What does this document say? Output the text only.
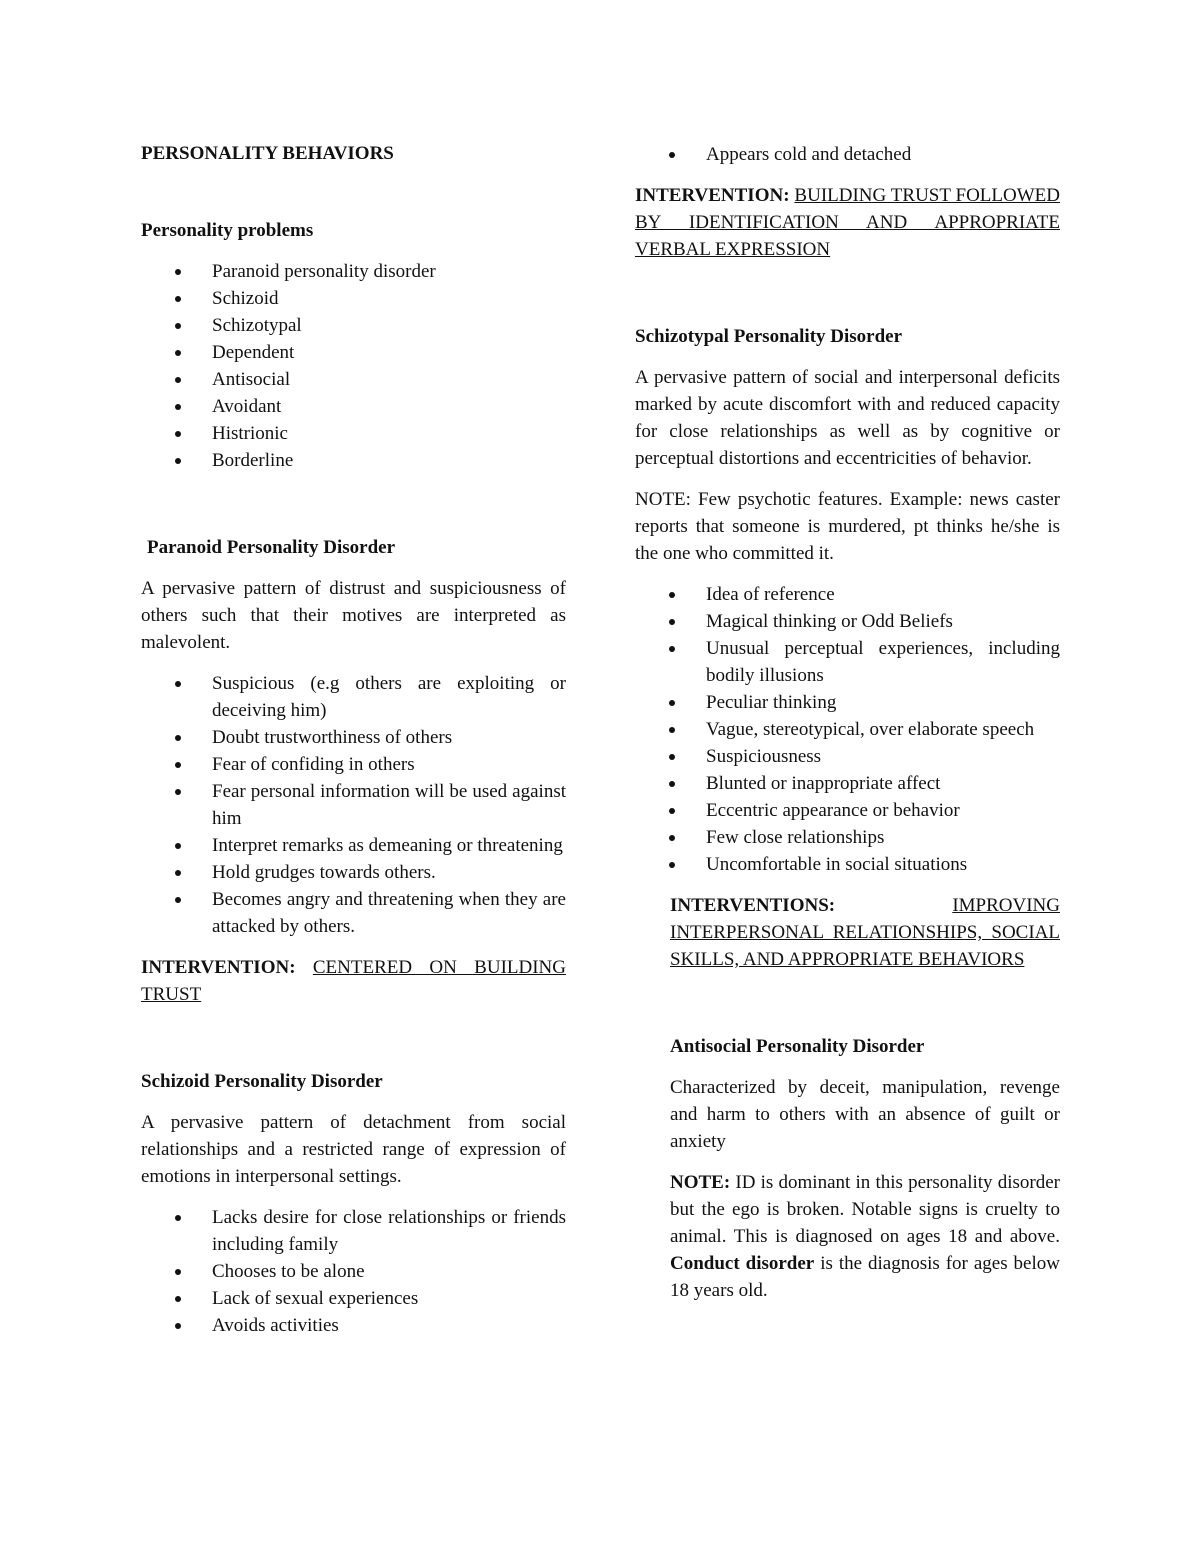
PERSONALITY BEHAVIORS
Personality problems
Paranoid personality disorder
Schizoid
Schizotypal
Dependent
Antisocial
Avoidant
Histrionic
Borderline
Paranoid Personality Disorder

A pervasive pattern of distrust and suspiciousness of others such that their motives are interpreted as malevolent.

Suspicious (e.g others are exploiting or deceiving him)
Doubt trustworthiness of others
Fear of confiding in others
Fear personal information will be used against him
Interpret remarks as demeaning or threatening
Hold grudges towards others.
Becomes angry and threatening when they are attacked by others.

INTERVENTION: CENTERED ON BUILDING TRUST

Schizoid Personality Disorder

A pervasive pattern of detachment from social relationships and a restricted range of expression of emotions in interpersonal settings.

Lacks desire for close relationships or friends including family
Chooses to be alone
Lack of sexual experiences
Avoids activities
Appears cold and detached

INTERVENTION: BUILDING TRUST FOLLOWED BY IDENTIFICATION AND APPROPRIATE VERBAL EXPRESSION

Schizotypal Personality Disorder

A pervasive pattern of social and interpersonal deficits marked by acute discomfort with and reduced capacity for close relationships as well as by cognitive or perceptual distortions and eccentricities of behavior.

NOTE: Few psychotic features. Example: news caster reports that someone is murdered, pt thinks he/she is the one who committed it.

Idea of reference
Magical thinking or Odd Beliefs
Unusual perceptual experiences, including bodily illusions
Peculiar thinking
Vague, stereotypical, over elaborate speech
Suspiciousness
Blunted or inappropriate affect
Eccentric appearance or behavior
Few close relationships
Uncomfortable in social situations

INTERVENTIONS:	IMPROVING INTERPERSONAL RELATIONSHIPS, SOCIAL SKILLS, AND APPROPRIATE BEHAVIORS

Antisocial Personality Disorder

Characterized by deceit, manipulation, revenge and harm to others with an absence of guilt or anxiety

NOTE: ID is dominant in this personality disorder but the ego is broken. Notable signs is cruelty to animal. This is diagnosed on ages 18 and above. Conduct disorder is the diagnosis for ages below 18 years old.
